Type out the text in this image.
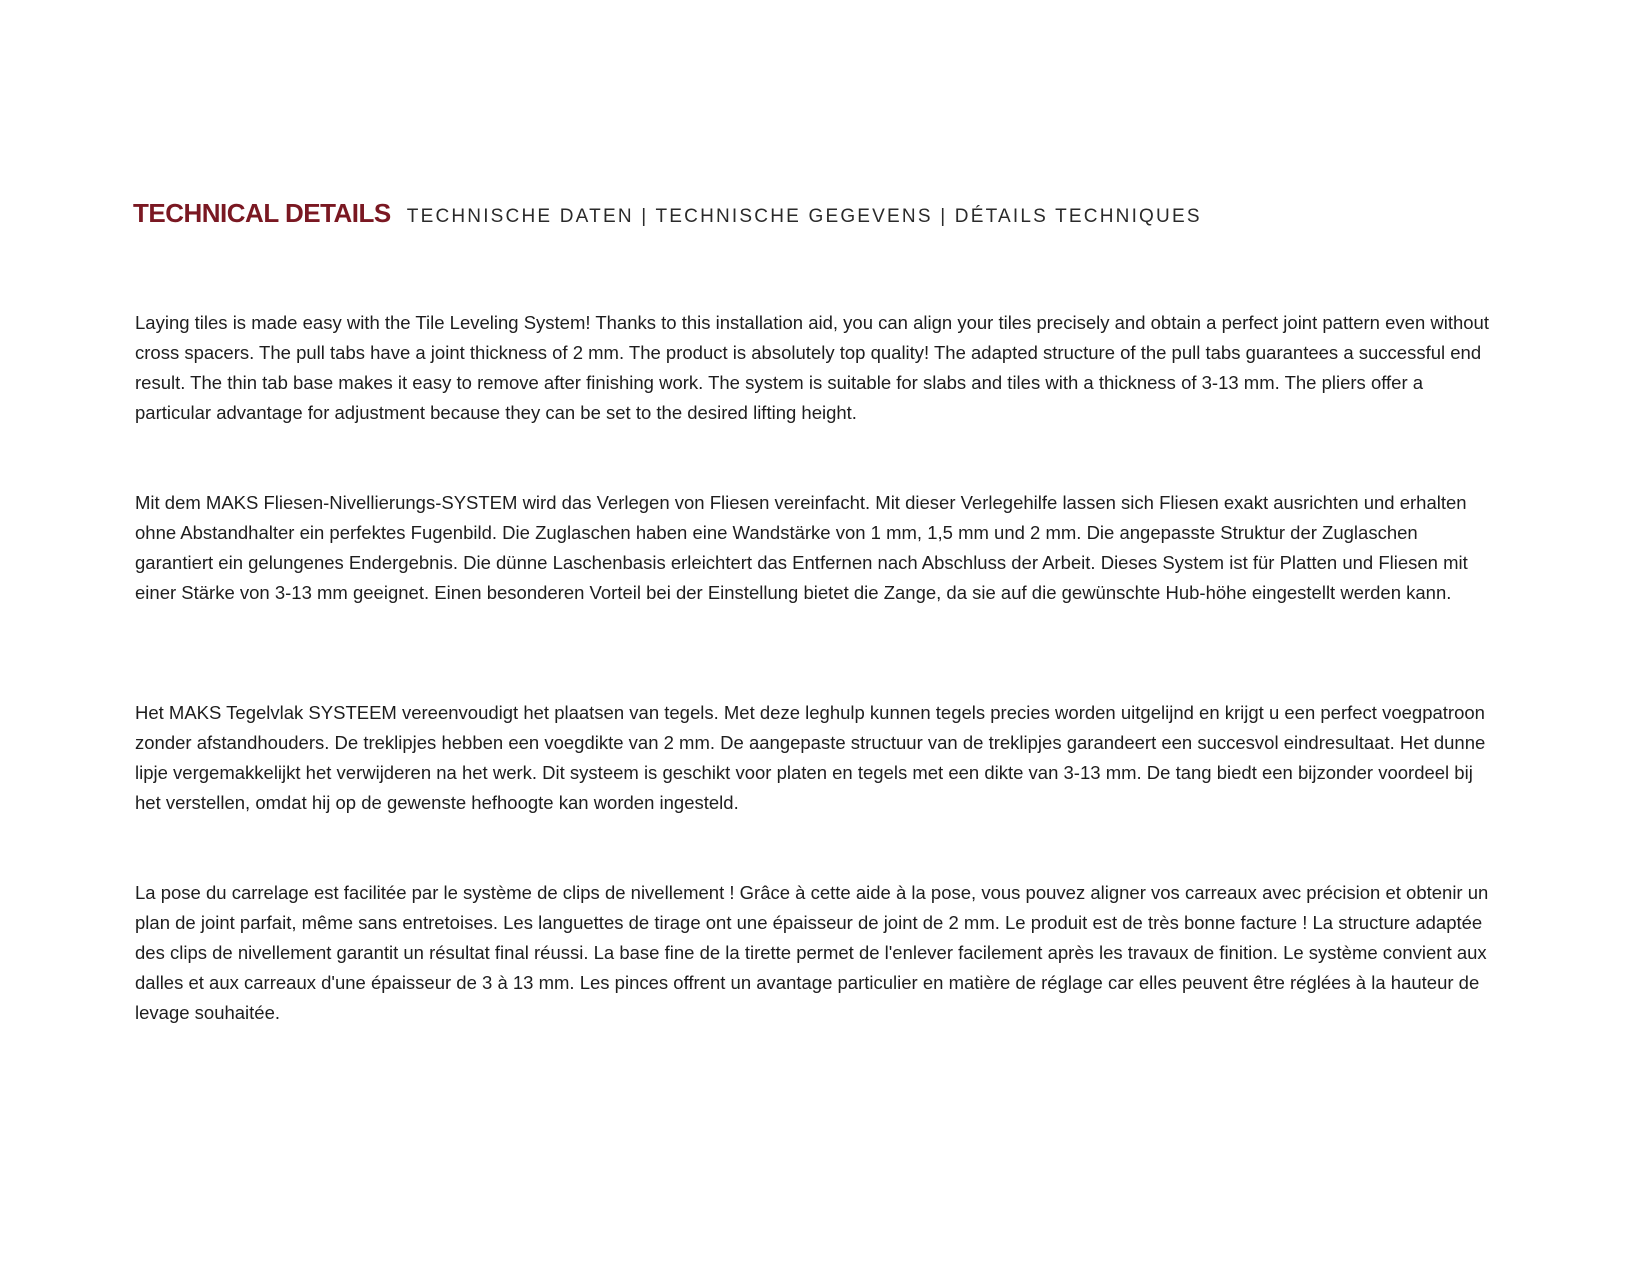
TECHNICAL DETAILS TECHNISCHE DATEN | TECHNISCHE GEGEVENS | DÉTAILS TECHNIQUES

Laying tiles is made easy with the Tile Leveling System! Thanks to this installation aid, you can align your tiles precisely and obtain a perfect joint pattern even without cross spacers. The pull tabs have a joint thickness of 2 mm. The product is absolutely top quality! The adapted structure of the pull tabs guarantees a successful end result. The thin tab base makes it easy to remove after finishing work. The system is suitable for slabs and tiles with a thickness of 3-13 mm. The pliers offer a particular advantage for adjustment because they can be set to the desired lifting height.

Mit dem MAKS Fliesen-Nivellierungs-SYSTEM wird das Verlegen von Fliesen vereinfacht. Mit dieser Verlegehilfe lassen sich Fliesen exakt ausrichten und erhalten ohne Abstandhalter ein perfektes Fugenbild. Die Zuglaschen haben eine Wandstärke von 1 mm, 1,5 mm und 2 mm. Die angepasste Struktur der Zuglaschen garantiert ein gelungenes Endergebnis. Die dünne Laschenbasis erleichtert das Entfernen nach Abschluss der Arbeit. Dieses System ist für Platten und Fliesen mit einer Stärke von 3-13 mm geeignet. Einen besonderen Vorteil bei der Einstellung bietet die Zange, da sie auf die gewünschte Hub-höhe eingestellt werden kann.

Het MAKS Tegelvlak SYSTEEM vereenvoudigt het plaatsen van tegels. Met deze leghulp kunnen tegels precies worden uitgelijnd en krijgt u een perfect voegpatroon zonder afstandhouders. De treklipjes hebben een voegdikte van 2 mm. De aangepaste structuur van de treklipjes garandeert een succesvol eindresultaat. Het dunne lipje vergemakkelijkt het verwijderen na het werk. Dit systeem is geschikt voor platen en tegels met een dikte van 3-13 mm. De tang biedt een bijzonder voordeel bij het verstellen, omdat hij op de gewenste hefhoogte kan worden ingesteld.

La pose du carrelage est facilitée par le système de clips de nivellement ! Grâce à cette aide à la pose, vous pouvez aligner vos carreaux avec précision et obtenir un plan de joint parfait, même sans entretoises. Les languettes de tirage ont une épaisseur de joint de 2 mm. Le produit est de très bonne facture ! La structure adaptée des clips de nivellement garantit un résultat final réussi. La base fine de la tirette permet de l'enlever facilement après les travaux de finition. Le système convient aux dalles et aux carreaux d'une épaisseur de 3 à 13 mm. Les pinces offrent un avantage particulier en matière de réglage car elles peuvent être réglées à la hauteur de levage souhaitée.
